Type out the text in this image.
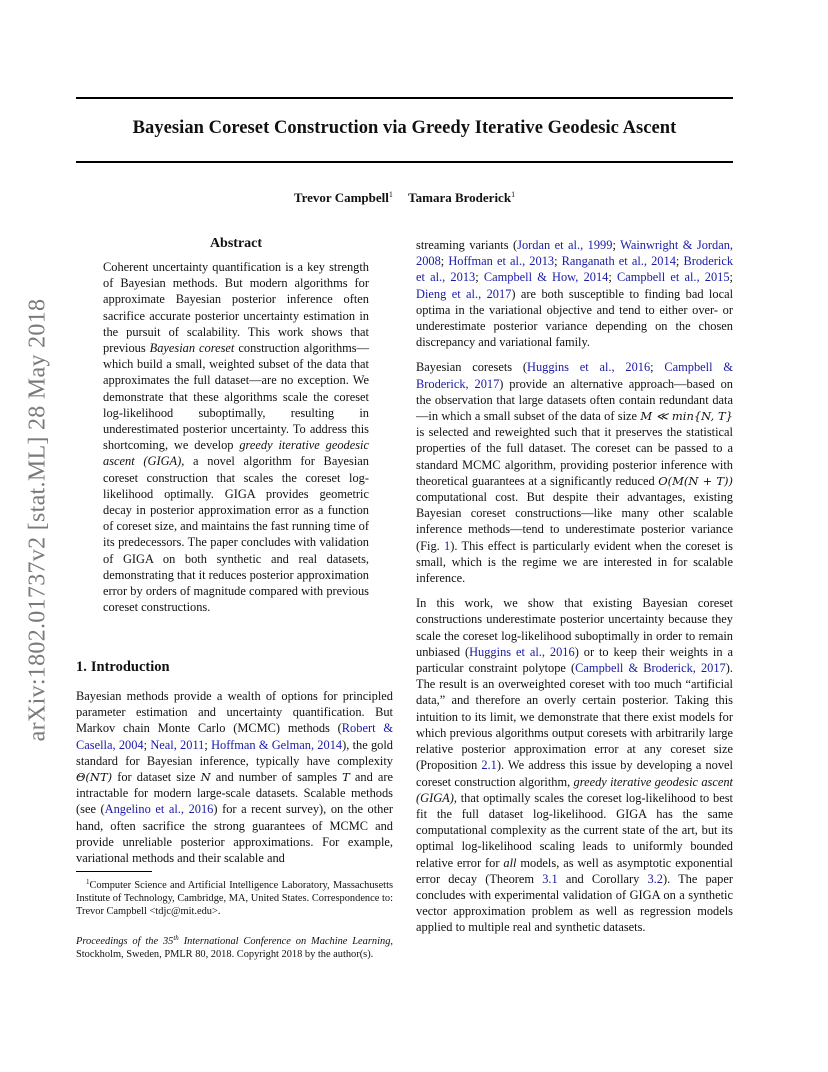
arXiv:1802.01737v2 [stat.ML] 28 May 2018
Bayesian Coreset Construction via Greedy Iterative Geodesic Ascent
Trevor Campbell$^1$ Tamara Broderick$^1$
Abstract

Coherent uncertainty quantification is a key strength of Bayesian methods. But modern algorithms for approximate Bayesian posterior inference often sacrifice accurate posterior uncertainty estimation in the pursuit of scalability. This work shows that previous Bayesian coreset construction algorithms—which build a small, weighted subset of the data that approximates the full dataset—are no exception. We demonstrate that these algorithms scale the coreset log-likelihood suboptimally, resulting in underestimated posterior uncertainty. To address this shortcoming, we develop greedy iterative geodesic ascent (GIGA), a novel algorithm for Bayesian coreset construction that scales the coreset log-likelihood optimally. GIGA provides geometric decay in posterior approximation error as a function of coreset size, and maintains the fast running time of its predecessors. The paper concludes with validation of GIGA on both synthetic and real datasets, demonstrating that it reduces posterior approximation error by orders of magnitude compared with previous coreset constructions.

1. Introduction

Bayesian methods provide a wealth of options for principled parameter estimation and uncertainty quantification. But Markov chain Monte Carlo (MCMC) methods (Robert & Casella, 2004; Neal, 2011; Hoffman & Gelman, 2014), the gold standard for Bayesian inference, typically have complexity Θ(NT) for dataset size N and number of samples T and are intractable for modern large-scale datasets. Scalable methods (see (Angelino et al., 2016) for a recent survey), on the other hand, often sacrifice the strong guarantees of MCMC and provide unreliable posterior approximations. For example, variational methods and their scalable and

$^1$Computer Science and Artificial Intelligence Laboratory, Massachusetts Institute of Technology, Cambridge, MA, United States. Correspondence to: Trevor Campbell <tdjc@mit.edu>.

Proceedings of the 35th International Conference on Machine Learning, Stockholm, Sweden, PMLR 80, 2018. Copyright 2018 by the author(s).

streaming variants (Jordan et al., 1999; Wainwright & Jordan, 2008; Hoffman et al., 2013; Ranganath et al., 2014; Broderick et al., 2013; Campbell & How, 2014; Campbell et al., 2015; Dieng et al., 2017) are both susceptible to finding bad local optima in the variational objective and tend to either over- or underestimate posterior variance depending on the chosen discrepancy and variational family.

Bayesian coresets (Huggins et al., 2016; Campbell & Broderick, 2017) provide an alternative approach—based on the observation that large datasets often contain redundant data—in which a small subset of the data of size M ≪ min{N, T} is selected and reweighted such that it preserves the statistical properties of the full dataset. The coreset can be passed to a standard MCMC algorithm, providing posterior inference with theoretical guarantees at a significantly reduced O(M(N + T)) computational cost. But despite their advantages, existing Bayesian coreset constructions—like many other scalable inference methods—tend to underestimate posterior variance (Fig. 1). This effect is particularly evident when the coreset is small, which is the regime we are interested in for scalable inference.

In this work, we show that existing Bayesian coreset constructions underestimate posterior uncertainty because they scale the coreset log-likelihood suboptimally in order to remain unbiased (Huggins et al., 2016) or to keep their weights in a particular constraint polytope (Campbell & Broderick, 2017). The result is an overweighted coreset with too much “artificial data,” and therefore an overly certain posterior. Taking this intuition to its limit, we demonstrate that there exist models for which previous algorithms output coresets with arbitrarily large relative posterior approximation error at any coreset size (Proposition 2.1). We address this issue by developing a novel coreset construction algorithm, greedy iterative geodesic ascent (GIGA), that optimally scales the coreset log-likelihood to best fit the full dataset log-likelihood. GIGA has the same computational complexity as the current state of the art, but its optimal log-likelihood scaling leads to uniformly bounded relative error for all models, as well as asymptotic exponential error decay (Theorem 3.1 and Corollary 3.2). The paper concludes with experimental validation of GIGA on a synthetic vector approximation problem as well as regression models applied to multiple real and synthetic datasets.
